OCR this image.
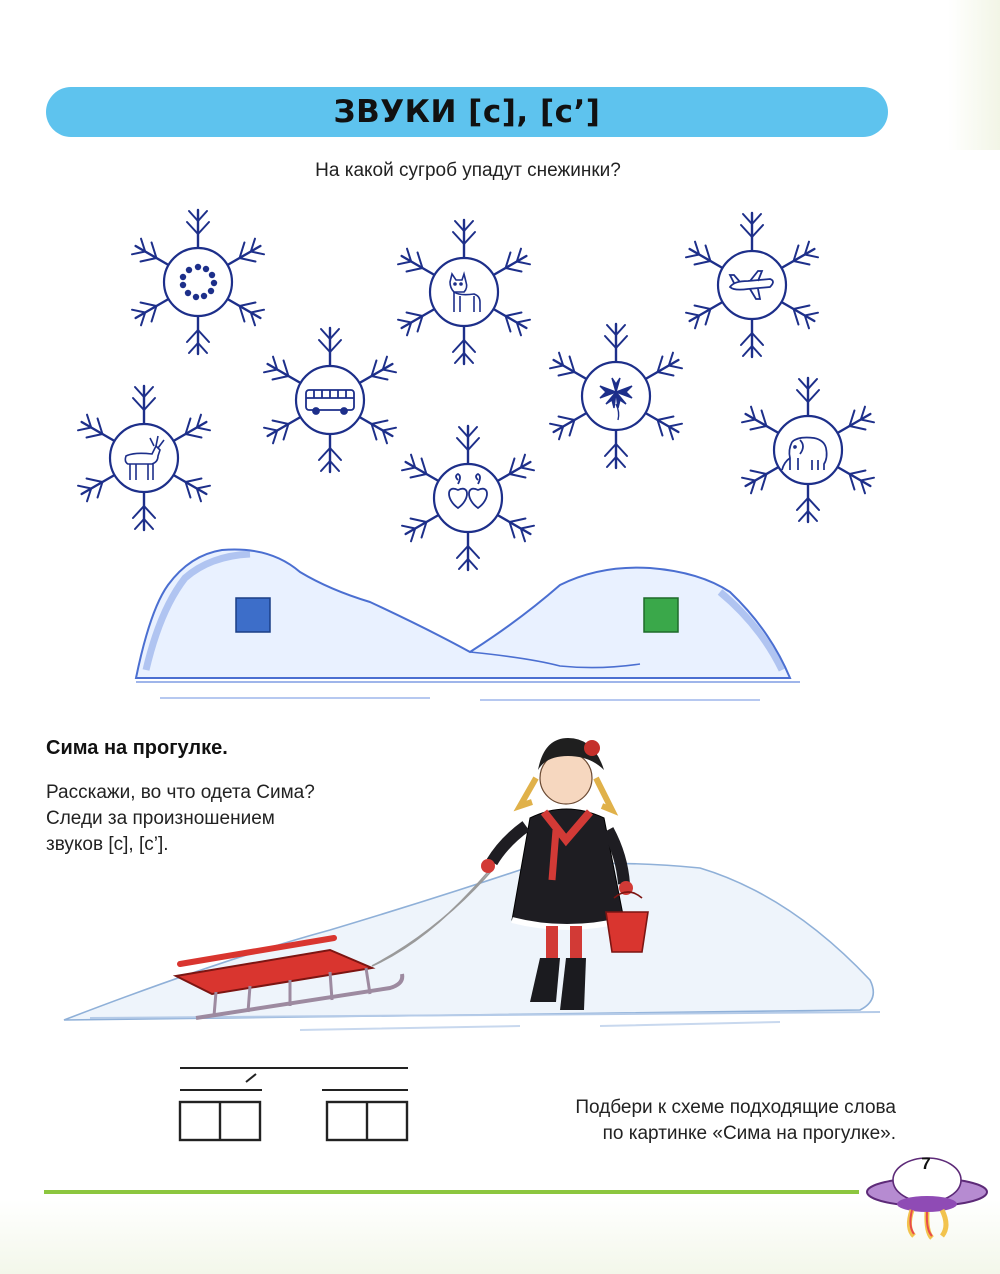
ЗВУКИ [с], [с’]
На какой сугроб упадут снежинки?
Сима на прогулке.
Расскажи, во что одета Сима?
Следи за произношением
звуков [с], [с’].
Подбери к схеме подходящие слова
по картинке «Сима на прогулке».
7
